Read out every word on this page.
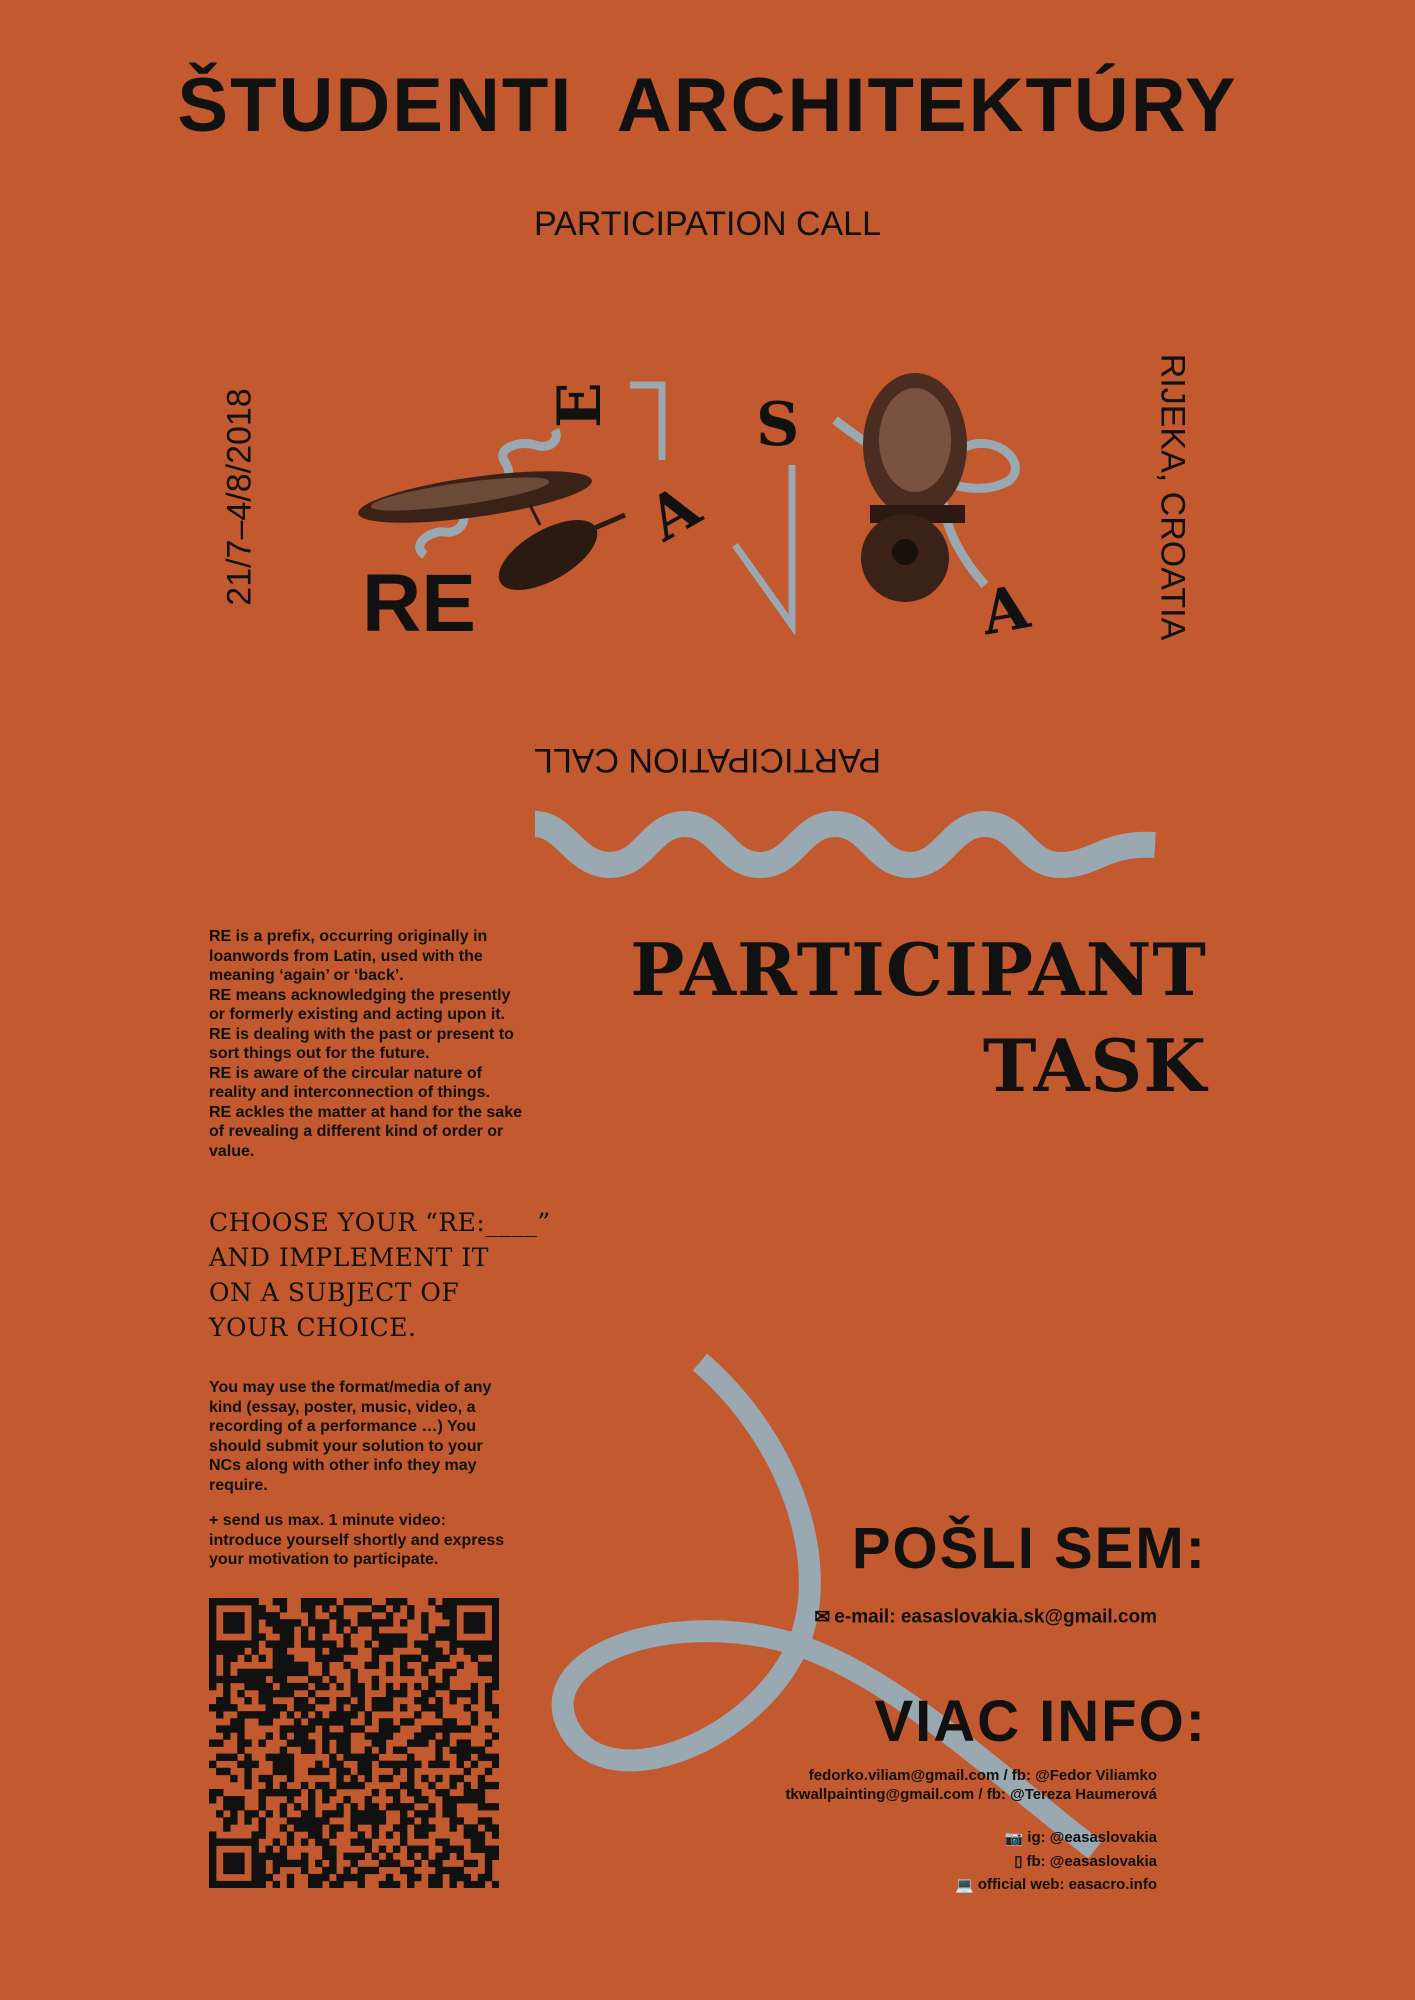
RE
E
A
S
A
ŠTUDENTI  ARCHITEKTÚRY
PARTICIPATION CALL
PARTICIPATION CALL
21/7–4/8/2018	RIJEKA, CROATIA

RE is a prefix, occurring originally in loanwords from Latin, used with the meaning ‘again’ or ‘back’.

RE means acknowledging the presently or formerly existing and acting upon it.

RE is dealing with the past or present to sort things out for the future.

RE is aware of the circular nature of reality and interconnection of things.

RE ackles the matter at hand for the sake of revealing a different kind of order or value.

PARTICIPANT
TASK
CHOOSE YOUR “RE:____”
AND IMPLEMENT IT
ON A SUBJECT OF
YOUR CHOICE.

You may use the format/media of any kind (essay, poster, music, video, a recording of a performance …) You should submit your solution to your NCs along with other info they may require.

+ send us max. 1 minute video: introduce yourself shortly and express your motivation to participate.	POŠLI SEM:
✉ e-mail: easaslovakia.sk@gmail.com
VIAC INFO:
fedorko.viliam@gmail.com / fb: @Fedor Viliamko
tkwallpainting@gmail.com / fb: @Tereza Haumerová
📷 ig: @easaslovakia
▯ fb: @easaslovakia
💻 official web: easacro.info
